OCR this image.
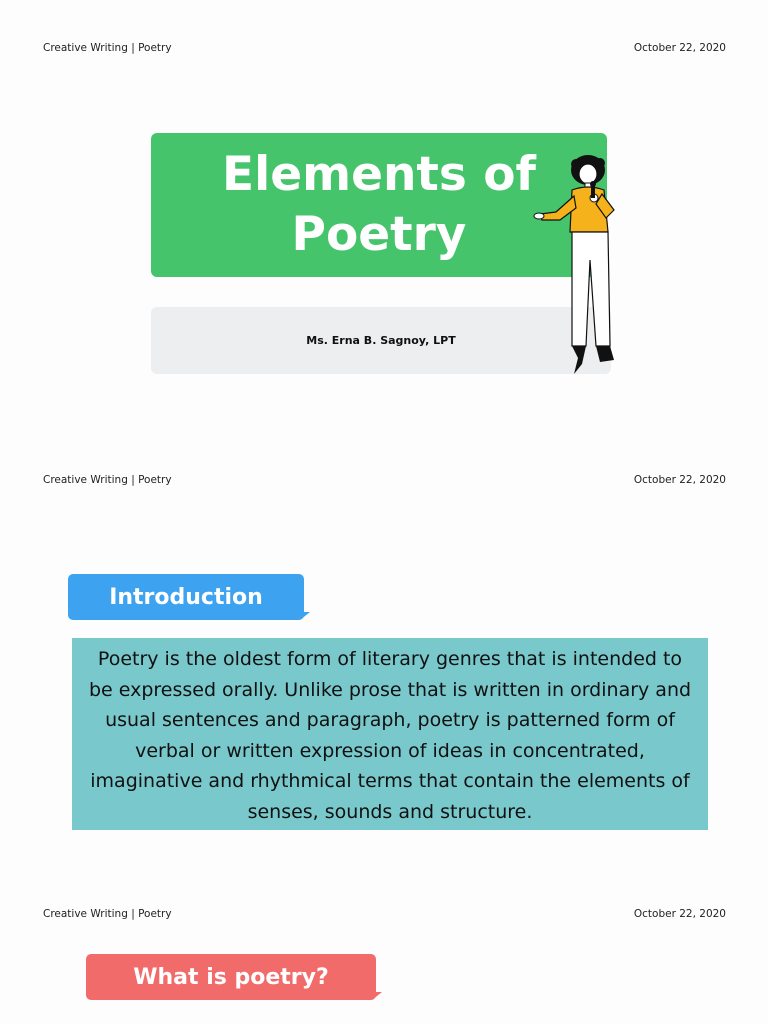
Creative Writing | Poetry	October 22, 2020
Elements of Poetry
Ms. Erna B. Sagnoy, LPT
Creative Writing | Poetry	October 22, 2020
Introduction
Poetry is the oldest form of literary genres that is intended to be expressed orally. Unlike prose that is written in ordinary and usual sentences and paragraph, poetry is patterned form of verbal or written expression of ideas in concentrated, imaginative and rhythmical terms that contain the elements of senses, sounds and structure.
Creative Writing | Poetry	October 22, 2020
What is poetry?
